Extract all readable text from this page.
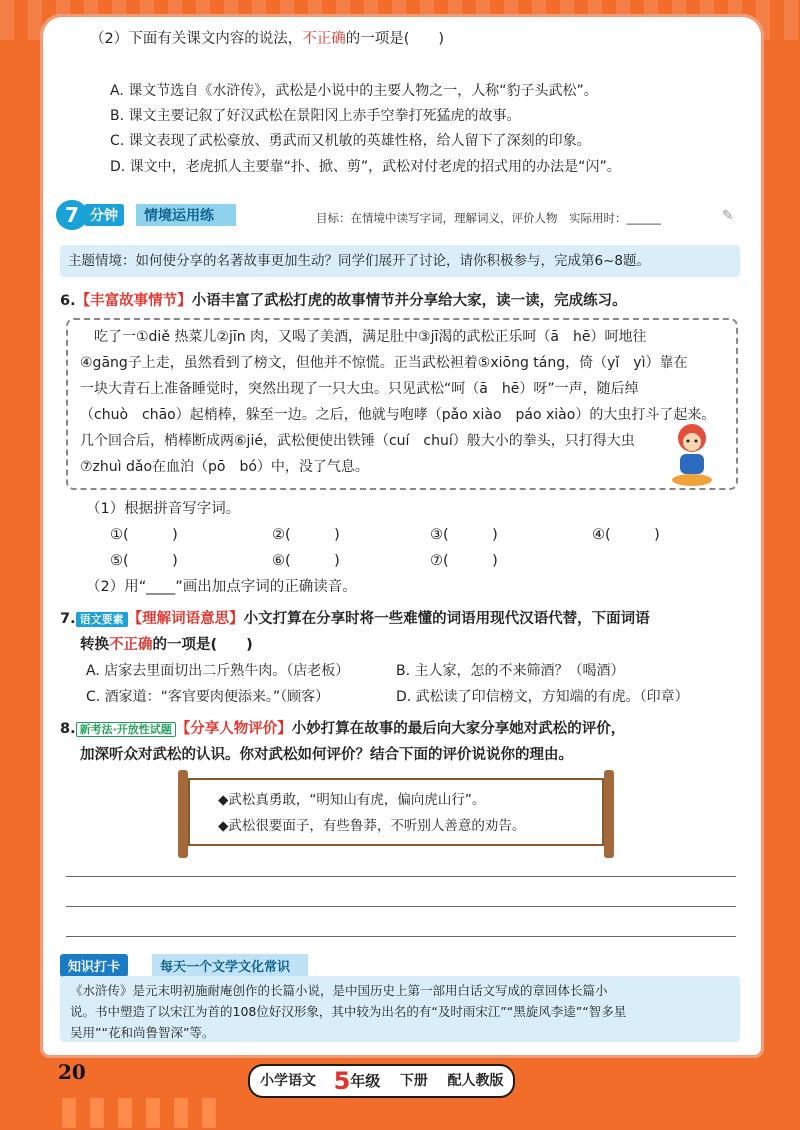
（2）下面有关课文内容的说法，不正确的一项是(　　)
A. 课文节选自《水浒传》，武松是小说中的主要人物之一，人称“豹子头武松”。
B. 课文主要记叙了好汉武松在景阳冈上赤手空拳打死猛虎的故事。
C. 课文表现了武松豪放、勇武而又机敏的英雄性格，给人留下了深刻的印象。
D. 课文中，老虎抓人主要靠“扑、掀、剪”，武松对付老虎的招式用的办法是“闪”。
7 分钟	情境运用练	目标：在情境中读写字词，理解词义，评价人物　实际用时：______	✎
主题情境：如何使分享的名著故事更加生动？同学们展开了讨论，请你积极参与，完成第6~8题。
6.【丰富故事情节】小语丰富了武松打虎的故事情节并分享给大家，读一读，完成练习。
　吃了一①diě 热菜儿②jīn 肉，又喝了美酒，满足肚中③jī渴的武松正乐呵（ā　hē）呵地往
④gāng子上走，虽然看到了榜文，但他并不惊慌。正当武松袒着⑤xiōng táng，倚（yǐ　yì）靠在
一块大青石上准备睡觉时，突然出现了一只大虫。只见武松“呵（ā　hē）呀”一声，随后绰
（chuò　chāo）起梢棒，躲至一边。之后，他就与咆哮（pǎo xiào　páo xiào）的大虫打斗了起来。
几个回合后，梢棒断成两⑥jié，武松便使出铁锤（cuí　chuí）般大小的拳头，只打得大虫
⑦zhuì dǎo在血泊（pō　bó）中，没了气息。
（1）根据拼音写字词。
①(　　　)	②(　　　)	③(　　　)	④(　　　)
⑤(　　　)	⑥(　　　)	⑦(　　　)
（2）用“____”画出加点字词的正确读音。
7. 语文要素 【理解词语意思】小文打算在分享时将一些难懂的词语用现代汉语代替，下面词语
转换不正确的一项是(　　)
A. 店家去里面切出二斤熟牛肉。（店老板）	B. 主人家，怎的不来筛酒？（喝酒）
C. 酒家道：“客官要肉便添来。”（顾客）	D. 武松读了印信榜文，方知端的有虎。（印章）
8. 新考法·开放性试题 【分享人物评价】小妙打算在故事的最后向大家分享她对武松的评价，
加深听众对武松的认识。你对武松如何评价？结合下面的评价说说你的理由。
◆武松真勇敢，“明知山有虎，偏向虎山行”。
◆武松很要面子，有些鲁莽，不听别人善意的劝告。
知识打卡	每天一个文学文化常识
《水浒传》是元末明初施耐庵创作的长篇小说，是中国历史上第一部用白话文写成的章回体长篇小
说。书中塑造了以宋江为首的108位好汉形象，其中较为出名的有“及时雨宋江”“黑旋风李逵”“智多星
吴用”“花和尚鲁智深”等。
20	小学语文 5年级 下册 配人教版
